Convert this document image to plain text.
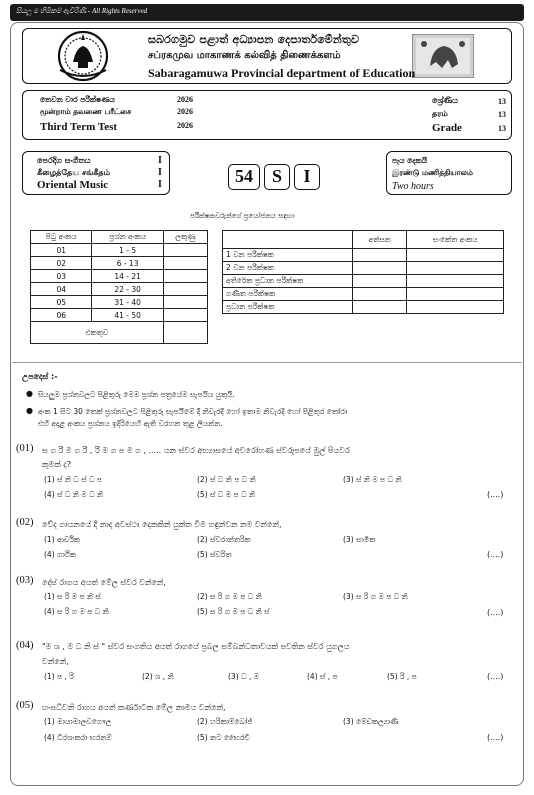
සියලු ම හිමිකම් ඇවිරිණි - All Rights Reserved
සබරගමුව පළාත් අධ්‍යාපන දෙපාර්තමේන්තුව
சப்ரகமுவ மாகாணக் கல்வித் திணைக்களம்
Sabaragamuwa Provincial department of Education
තෙවන වාර පරීක්ෂණය
மூன்றாம் தவணை பரீட்சை
Third Term Test
2026
2026
2026
ශ්‍රේණිය
தரம்
Grade
13
13
13
පෙරදිග සංගීතය
கீழைத்தேய சங்கீதம்
Oriental Music
I
I
I	54	S	I
පැය දෙකයි
இரண்டு மணித்தியாலம்
Two hours
පරීක්ෂකවරුන්ගේ ප්‍රයෝජනය සඳහා
පිටු අංකය	ප්‍රශ්න අංකය	ලකුණු
01	1 - 5	
02	6 - 13	
03	14 - 21	
04	22 - 30	
05	31 - 40	
06	41 - 50	
එකතුව		
	අත්සන	සංකේත අංකය
1 වන පරීක්ෂක		
2 වන පරීක්ෂක		
අතිරේක ප්‍රධාන පරීක්ෂක		
ගණිත පරීක්ෂක		
ප්‍රධාන පරීක්ෂක		
උපදෙස් :-
● සියලුම ප්‍රශ්නවලට පිළිතුරු මෙම ප්‍රශ්න පත්‍රයේම සැපයිය යුතුයි.
● අංක 1 සිට 30 තෙක් ප්‍රශ්නවලට පිළිතුරු සැපයීමේ දී නිවැරදි හෝ ඉතාම නිවැරදි හෝ පිළිතුර තෝරා
එහි අදාළ අංකය ප්‍රශ්නය ඉදිරියෙහි ඇති වරහන තුළ ලියන්න.
(01) ස ග රි ම ග රි , රි ම ග ප ම ග , ..... යන ස්වර අභ්‍යාසයේ අවරෝහණ ස්වරූපයේ මුල් පියවර
කුමක් ද?
(1) ස් නි ධ ස් ධ ප	(2) ස් ධ නි ප ධ නි	(3) ස් නි ම ප ධ නි
(4) ස් ධ නි ම ධ නි	(5) ස් ධ ම ප ධ නි	(....)
(02) වේද ගායනයේ දී නාද අවස්ථා දෙකකින් යුක්ත වීම හඳුන්වන නම වන්නේ,
(1) ආර්චික	(2) ස්වරාන්තරික	(3) සාමික
(4) ගාථික	(5) ස්වරිත	(....)
(03) දේස් රාගය අයත් මේල ස්වර වන්නේ,
(1) ස රි ම ප නි ස්	(2) ස රි ග ම ප ධ නි	(3) ස රි ග ම ප ධ නි
(4) ස රි ග ම ප ධ නි	(5) ස රි ග ම ප ධ නි ස්	(....)
(04) "ම ශ , ම ධ නි ස් " ස්වර සංගතිය අයත් රාගයේ ප්‍රබල සම්බන්ධතාවයක් පවතින ස්වර යුගලය
වන්නේ,
(1) ප , රි	(2) ශ , නි	(3) ධ , ම	(4) ස් , ප	(5) රි , ප	(....)
(05) හංසධ්වනි රාගය අයත් කර්ණාටක මේල නාමය වන්නේ,
(1) මායාමාලවගෞල	(2) හරිකාම්බෝජ්	(3) මේචකල්‍යාණි
(4) ධීරශංකරා භරනම්	(5) නට භෛරවී	(....)
